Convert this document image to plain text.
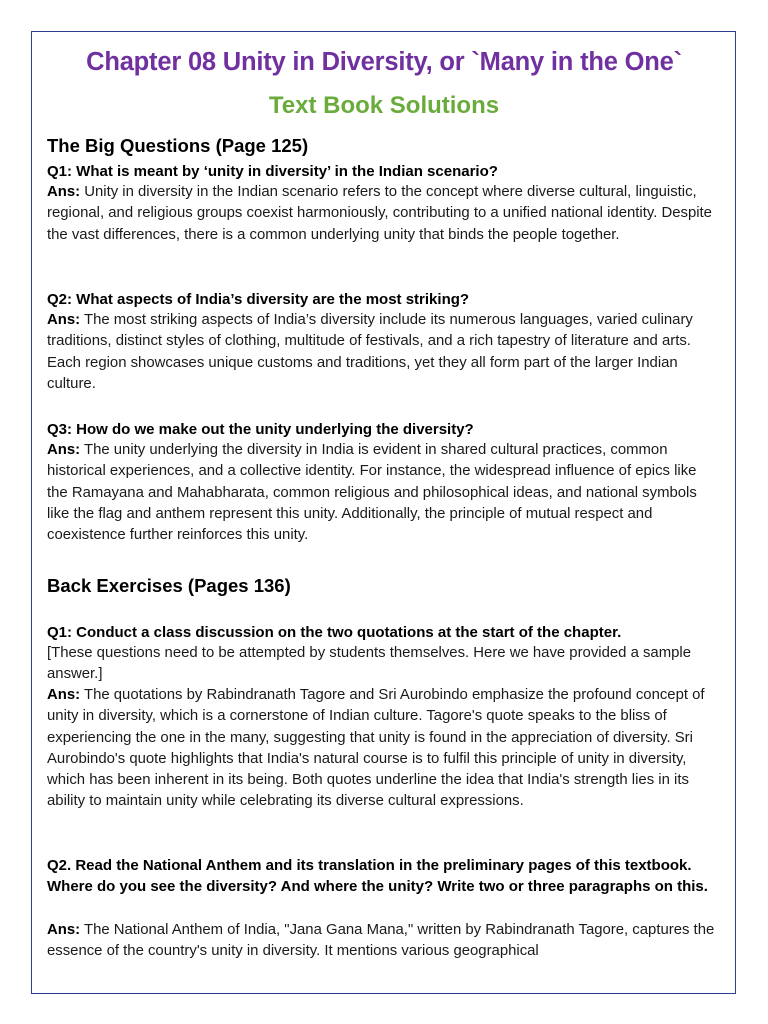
Chapter 08 Unity in Diversity, or `Many in the One`
Text Book Solutions
The Big Questions (Page 125)
Q1: What is meant by ‘unity in diversity’ in the Indian scenario?
Ans: Unity in diversity in the Indian scenario refers to the concept where diverse cultural, linguistic, regional, and religious groups coexist harmoniously, contributing to a unified national identity. Despite the vast differences, there is a common underlying unity that binds the people together.
Q2: What aspects of India’s diversity are the most striking?
Ans: The most striking aspects of India’s diversity include its numerous languages, varied culinary traditions, distinct styles of clothing, multitude of festivals, and a rich tapestry of literature and arts. Each region showcases unique customs and traditions, yet they all form part of the larger Indian culture.
Q3: How do we make out the unity underlying the diversity?
Ans: The unity underlying the diversity in India is evident in shared cultural practices, common historical experiences, and a collective identity. For instance, the widespread influence of epics like the Ramayana and Mahabharata, common religious and philosophical ideas, and national symbols like the flag and anthem represent this unity. Additionally, the principle of mutual respect and coexistence further reinforces this unity.
Back Exercises (Pages 136)
Q1: Conduct a class discussion on the two quotations at the start of the chapter.
[These questions need to be attempted by students themselves. Here we have provided a sample answer.]
Ans: The quotations by Rabindranath Tagore and Sri Aurobindo emphasize the profound concept of unity in diversity, which is a cornerstone of Indian culture. Tagore's quote speaks to the bliss of experiencing the one in the many, suggesting that unity is found in the appreciation of diversity. Sri Aurobindo's quote highlights that India's natural course is to fulfil this principle of unity in diversity, which has been inherent in its being. Both quotes underline the idea that India's strength lies in its ability to maintain unity while celebrating its diverse cultural expressions.
Q2. Read the National Anthem and its translation in the preliminary pages of this textbook. Where do you see the diversity? And where the unity? Write two or three paragraphs on this.
Ans: The National Anthem of India, "Jana Gana Mana," written by Rabindranath Tagore, captures the essence of the country's unity in diversity. It mentions various geographical
